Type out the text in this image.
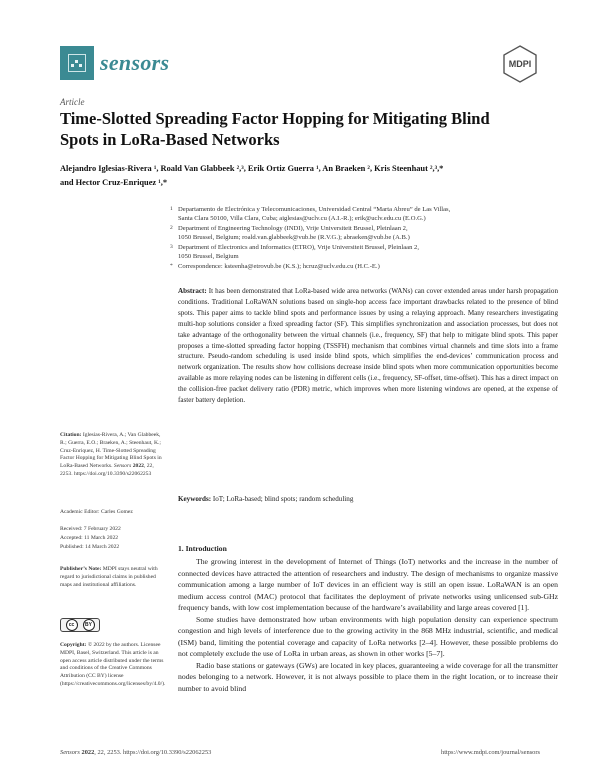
sensors	MDPI
Article
Time-Slotted Spreading Factor Hopping for Mitigating Blind Spots in LoRa-Based Networks
Alejandro Iglesias-Rivera ¹, Roald Van Glabbeek ²,³, Erik Ortiz Guerra ¹, An Braeken ², Kris Steenhaut ²,³,*
and Hector Cruz-Enriquez ¹,*
1 Departamento de Electrónica y Telecomunicaciones, Universidad Central “Marta Abreu” de Las Villas,
Santa Clara 50100, Villa Clara, Cuba; aiglesias@uclv.cu (A.I.-R.); erik@uclv.edu.cu (E.O.G.)
2 Department of Engineering Technology (INDI), Vrije Universiteit Brussel, Pleinlaan 2,
1050 Brussel, Belgium; roald.van.glabbeek@vub.be (R.V.G.); abraeken@vub.be (A.B.)
3 Department of Electronics and Informatics (ETRO), Vrije Universiteit Brussel, Pleinlaan 2,
1050 Brussel, Belgium
* Correspondence: ksteenha@etrovub.be (K.S.); hcruz@uclv.edu.cu (H.C.-E.)
Abstract: It has been demonstrated that LoRa-based wide area networks (WANs) can cover extended areas under harsh propagation conditions. Traditional LoRaWAN solutions based on single-hop access face important drawbacks related to the presence of blind spots. This paper aims to tackle blind spots and performance issues by using a relaying approach. Many researchers investigating multi-hop solutions consider a fixed spreading factor (SF). This simplifies synchronization and association processes, but does not take advantage of the orthogonality between the virtual channels (i.e., frequency, SF) that help to mitigate blind spots. This paper proposes a time-slotted spreading factor hopping (TSSFH) mechanism that combines virtual channels and time slots into a frame structure. Pseudo-random scheduling is used inside blind spots, which simplifies the end-devices’ communication process and network organization. The results show how collisions decrease inside blind spots when more communication opportunities become available as more relaying nodes can be listening in different cells (i.e., frequency, SF-offset, time-offset). This has a direct impact on the collision-free packet delivery ratio (PDR) metric, which improves when more listening windows are opened, at the expense of faster battery depletion.
Keywords: IoT; LoRa-based; blind spots; random scheduling
Citation: Iglesias-Rivera, A.; Van Glabbeek, R.; Guerra, E.O.; Braeken, A.; Steenhaut, K.; Cruz-Enriquez, H. Time-Slotted Spreading Factor Hopping for Mitigating Blind Spots in LoRa-Based Networks. Sensors 2022, 22, 2253. https://doi.org/10.3390/s22062253
Academic Editor: Carles Gomez
Received: 7 February 2022
Accepted: 11 March 2022
Published: 14 March 2022
Publisher’s Note: MDPI stays neutral with regard to jurisdictional claims in published maps and institutional affiliations.
cc	BY
Copyright: © 2022 by the authors. Licensee MDPI, Basel, Switzerland. This article is an open access article distributed under the terms and conditions of the Creative Commons Attribution (CC BY) license (https://creativecommons.org/licenses/by/4.0/).
1. Introduction

The growing interest in the development of Internet of Things (IoT) networks and the increase in the number of connected devices have attracted the attention of researchers and industry. The design of mechanisms to organize massive communication among a large number of IoT devices in an efficient way is still an open issue. LoRaWAN is an open medium access control (MAC) protocol that facilitates the deployment of private networks using unlicensed sub-GHz frequency bands, with low cost implementation because of the hardware’s availability and large areas covered [1].

Some studies have demonstrated how urban environments with high population density can experience spectrum congestion and high levels of interference due to the growing activity in the 868 MHz industrial, scientific, and medical (ISM) band, limiting the potential coverage and capacity of LoRa networks [2–4]. However, these possible problems do not completely exclude the use of LoRa in urban areas, as shown in other works [5–7].

Radio base stations or gateways (GWs) are located in key places, guaranteeing a wide coverage for all the transmitter nodes belonging to a network. However, it is not always possible to place them in the right location, or to increase their number to avoid blind

Sensors 2022, 22, 2253. https://doi.org/10.3390/s22062253	https://www.mdpi.com/journal/sensors
